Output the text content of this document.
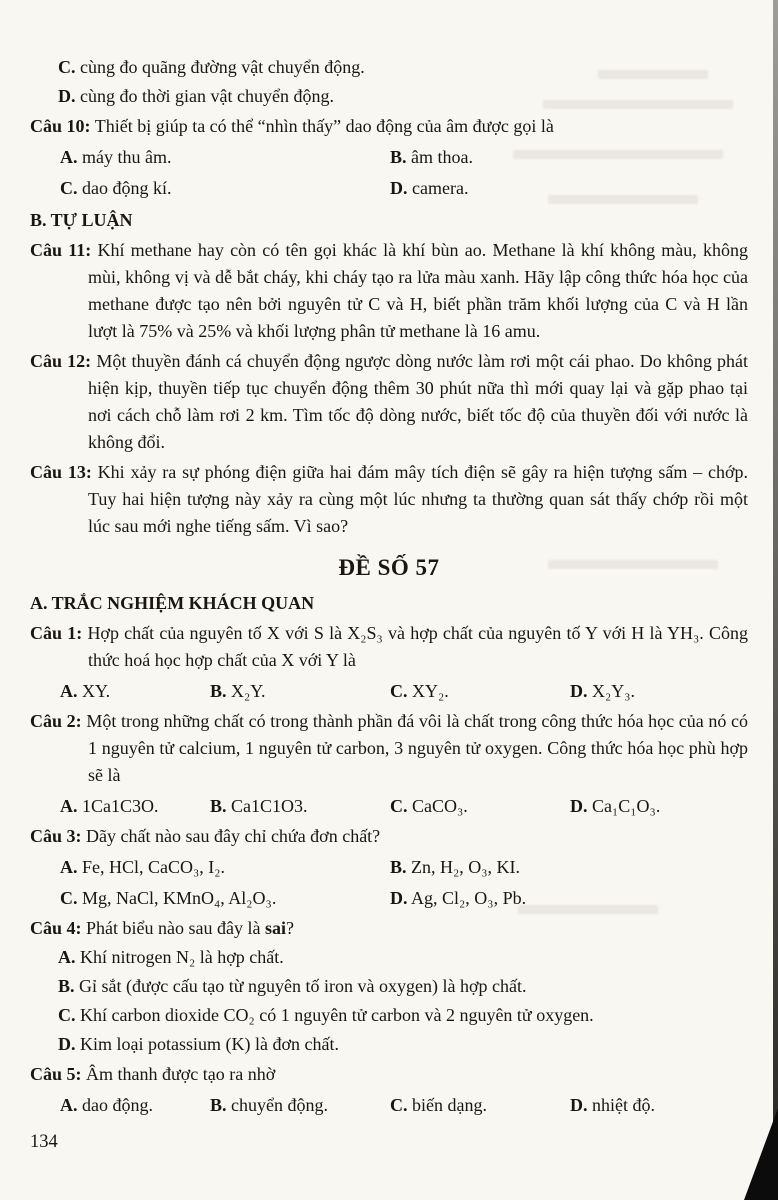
C. cùng đo quãng đường vật chuyển động.
D. cùng đo thời gian vật chuyển động.
Câu 10: Thiết bị giúp ta có thể “nhìn thấy” dao động của âm được gọi là
A. máy thu âm.	B. âm thoa.
C. dao động kí.	D. camera.
B. TỰ LUẬN
Câu 11: Khí methane hay còn có tên gọi khác là khí bùn ao. Methane là khí không màu, không mùi, không vị và dễ bắt cháy, khi cháy tạo ra lửa màu xanh. Hãy lập công thức hóa học của methane được tạo nên bởi nguyên tử C và H, biết phần trăm khối lượng của C và H lần lượt là 75% và 25% và khối lượng phân tử methane là 16 amu.
Câu 12: Một thuyền đánh cá chuyển động ngược dòng nước làm rơi một cái phao. Do không phát hiện kịp, thuyền tiếp tục chuyển động thêm 30 phút nữa thì mới quay lại và gặp phao tại nơi cách chỗ làm rơi 2 km. Tìm tốc độ dòng nước, biết tốc độ của thuyền đối với nước là không đổi.
Câu 13: Khi xảy ra sự phóng điện giữa hai đám mây tích điện sẽ gây ra hiện tượng sấm – chớp. Tuy hai hiện tượng này xảy ra cùng một lúc nhưng ta thường quan sát thấy chớp rồi một lúc sau mới nghe tiếng sấm. Vì sao?
ĐỀ SỐ 57
A. TRẮC NGHIỆM KHÁCH QUAN
Câu 1: Hợp chất của nguyên tố X với S là X₂S₃ và hợp chất của nguyên tố Y với H là YH₃. Công thức hoá học hợp chất của X với Y là
A. XY.	B. X₂Y.	C. XY₂.	D. X₂Y₃.
Câu 2: Một trong những chất có trong thành phần đá vôi là chất trong công thức hóa học của nó có 1 nguyên tử calcium, 1 nguyên tử carbon, 3 nguyên tử oxygen. Công thức hóa học phù hợp sẽ là
A. 1Ca1C3O.	B. Ca1C1O3.	C. CaCO₃.	D. Ca₁C₁O₃.
Câu 3: Dãy chất nào sau đây chỉ chứa đơn chất?
A. Fe, HCl, CaCO₃, I₂.	B. Zn, H₂, O₃, KI.
C. Mg, NaCl, KMnO₄, Al₂O₃.	D. Ag, Cl₂, O₃, Pb.
Câu 4: Phát biểu nào sau đây là sai?
A. Khí nitrogen N₂ là hợp chất.
B. Gỉ sắt (được cấu tạo từ nguyên tố iron và oxygen) là hợp chất.
C. Khí carbon dioxide CO₂ có 1 nguyên tử carbon và 2 nguyên tử oxygen.
D. Kim loại potassium (K) là đơn chất.
Câu 5: Âm thanh được tạo ra nhờ
A. dao động.	B. chuyển động.	C. biến dạng.	D. nhiệt độ.
134
